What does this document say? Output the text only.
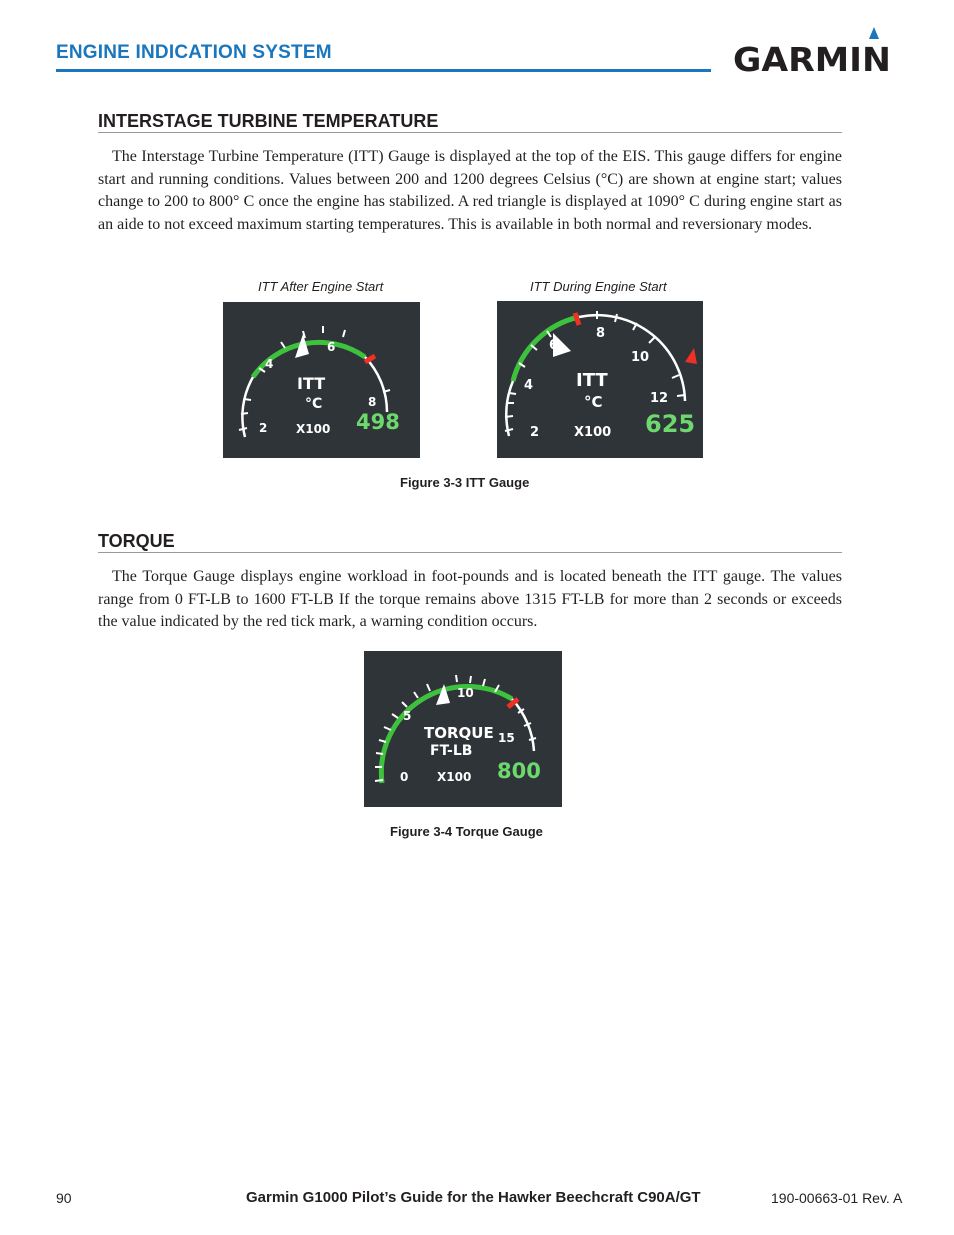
ENGINE INDICATION SYSTEM	GARMIN
INTERSTAGE TURBINE TEMPERATURE

The Interstage Turbine Temperature (ITT) Gauge is displayed at the top of the EIS. This gauge differs for engine start and running conditions. Values between 200 and 1200 degrees Celsius (°C) are shown at engine start; values change to 200 to 800° C once the engine has stabilized. A red triangle is displayed at 1090° C during engine start as an aide to not exceed maximum starting temperatures. This is available in both normal and reversionary modes.

ITT After Engine Start	ITT During Engine Start
4
6
8
2
ITT
°C
X100 498
4
6
8
10
12
2
ITT
°C
X100 625
Figure 3-3 ITT Gauge
TORQUE

The Torque Gauge displays engine workload in foot-pounds and is located beneath the ITT gauge. The values range from 0 FT-LB to 1600 FT-LB If the torque remains above 1315 FT-LB for more than 2 seconds or exceeds the value indicated by the red tick mark, a warning condition occurs.

5
10
15
0
TORQUE
FT-LB
X100 800
Figure 3-4 Torque Gauge
90	Garmin G1000 Pilot’s Guide for the Hawker Beechcraft C90A/GT	190-00663-01 Rev. A
